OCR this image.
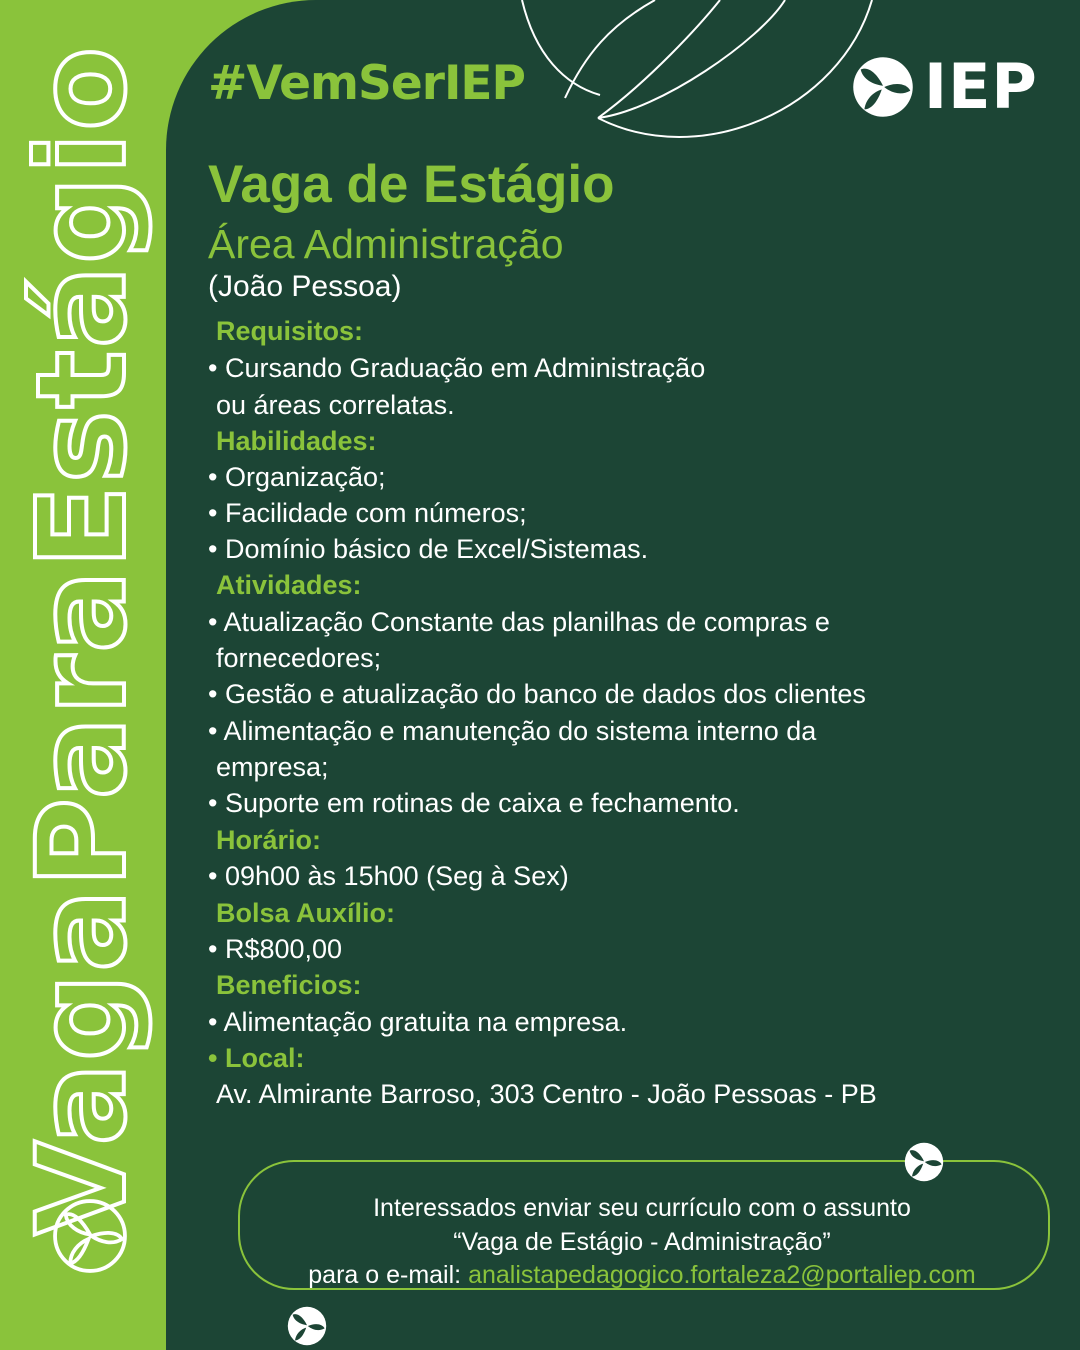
VagaParaEstágio #VemSerIEP	IEP
Vaga de Estágio
Área Administração
(João Pessoa)
Requisitos:
• Cursando Graduação em Administração
ou áreas correlatas.
Habilidades:
• Organização;
• Facilidade com números;
• Domínio básico de Excel/Sistemas.
Atividades:
• Atualização Constante das planilhas de compras e
fornecedores;
• Gestão e atualização do banco de dados dos clientes
• Alimentação e manutenção do sistema interno da
empresa;
• Suporte em rotinas de caixa e fechamento.
Horário:
• 09h00 às 15h00 (Seg à Sex)
Bolsa Auxílio:
• R$800,00
Beneficios:
• Alimentação gratuita na empresa.
• Local:
Av. Almirante Barroso, 303 Centro - João Pessoas - PB
Interessados enviar seu currículo com o assunto
“Vaga de Estágio - Administração”
para o e-mail: analistapedagogico.fortaleza2@portaliep.com
